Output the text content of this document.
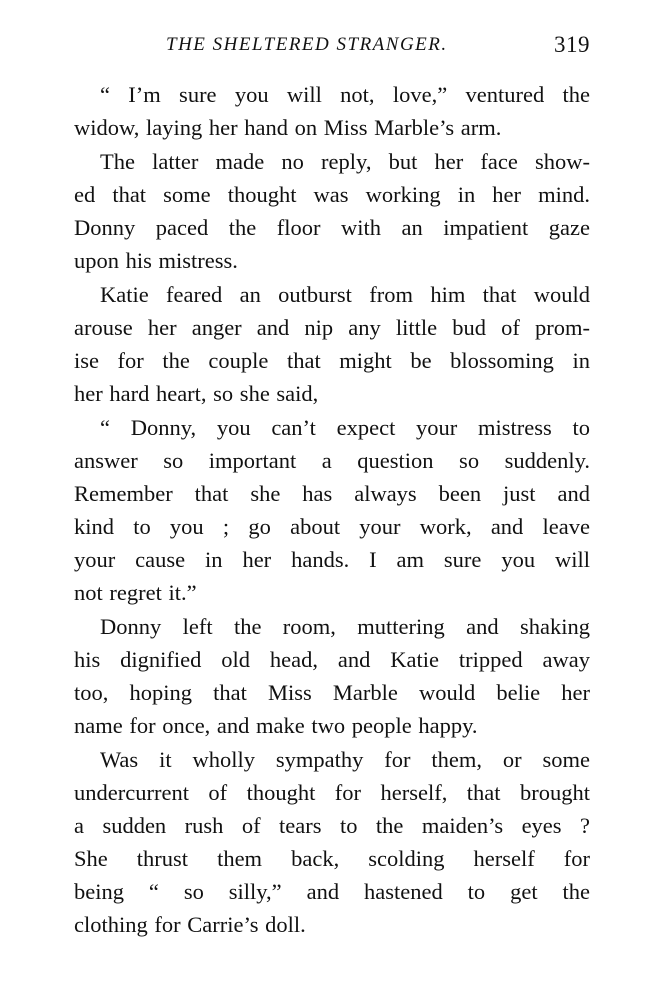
THE SHELTERED STRANGER.	319
“ I’m sure you will not, love,” ventured the
widow, laying her hand on Miss Marble’s arm.
The latter made no reply, but her face show-
ed that some thought was working in her mind.
Donny paced the floor with an impatient gaze
upon his mistress.
Katie feared an outburst from him that would
arouse her anger and nip any little bud of prom-
ise for the couple that might be blossoming in
her hard heart, so she said,
“ Donny, you can’t expect your mistress to
answer so important a question so suddenly.
Remember that she has always been just and
kind to you ; go about your work, and leave
your cause in her hands. I am sure you will
not regret it.”
Donny left the room, muttering and shaking
his dignified old head, and Katie tripped away
too, hoping that Miss Marble would belie her
name for once, and make two people happy.
Was it wholly sympathy for them, or some
undercurrent of thought for herself, that brought
a sudden rush of tears to the maiden’s eyes ?
She thrust them back, scolding herself for
being “ so silly,” and hastened to get the
clothing for Carrie’s doll.
